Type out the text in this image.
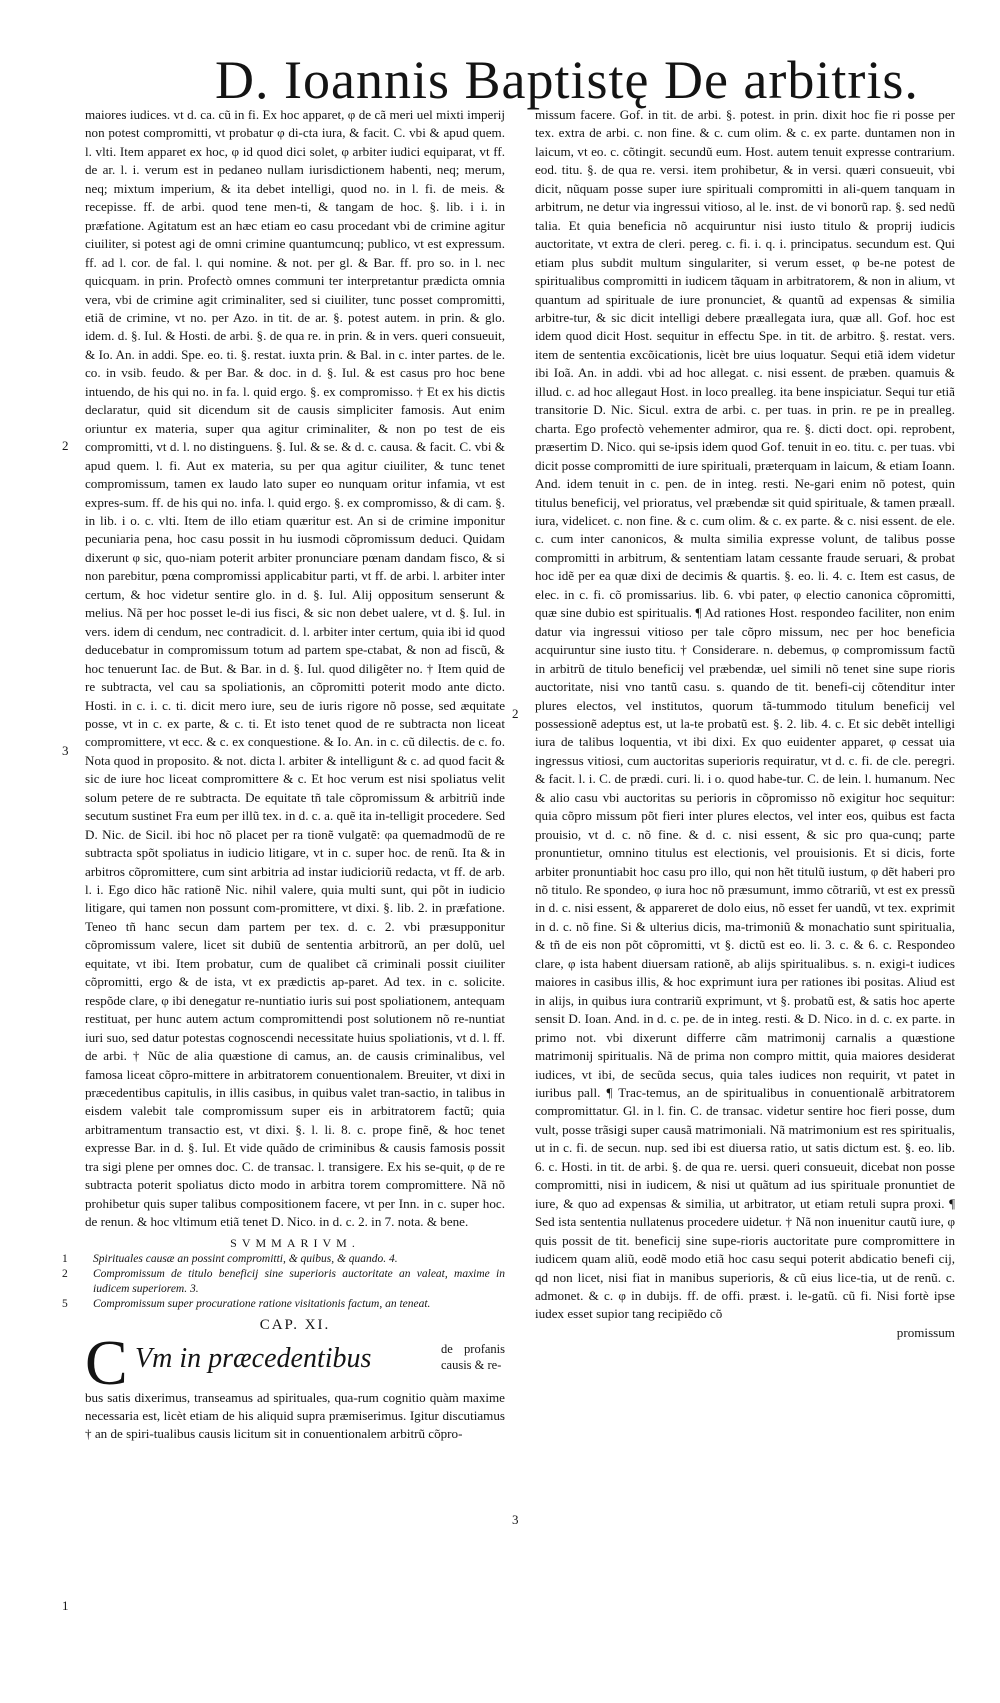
D. Ioannis Baptistę De arbitris.

maiores iudices. vt d. ca. cũ in fi. Ex hoc apparet, φ de cã meri uel mixti imperij non potest compromitti, vt probatur φ di-cta iura, & facit. C. vbi & apud quem. l. vlti. Item apparet ex hoc, φ id quod dici solet, φ arbiter iudici equiparat, vt ff. de ar. l. i. verum est in pedaneo nullam iurisdictionem habenti, neq; merum, neq; mixtum imperium, & ita debet intelligi, quod no. in l. fi. de meis. & recepisse. ff. de arbi. quod tene men-ti, & tangam de hoc. §. lib. i i. in præfatione. Agitatum est an hæc etiam eo casu procedant vbi de crimine agitur ciuiliter, si potest agi de omni crimine quantumcunq; publico, vt est expressum. ff. ad l. cor. de fal. l. qui nomine. & not. per gl. & Bar. ff. pro so. in l. nec quicquam. in prin. Profectò omnes communi ter interpretantur prædicta omnia vera, vbi de crimine agit criminaliter, sed si ciuiliter, tunc posset compromitti, etiã de crimine, vt no. per Azo. in tit. de ar. §. potest autem. in prin. & glo. idem. d. §. Iul. & Hosti. de arbi. §. de qua re. in prin. & in vers. queri consueuit, & Io. An. in addi. Spe. eo. ti. §. restat. iuxta prin. & Bal. in c. inter partes. de le. co. in vsib. feudo. & per Bar. & doc. in d. §. Iul. & est casus pro hoc bene intuendo, de his qui no. in fa. l. quid ergo. §. ex compromisso. † Et ex his dictis declaratur, quid sit dicendum sit de causis simpliciter famosis. Aut enim oriuntur ex materia, super qua agitur criminaliter, & non po test de eis compromitti, vt d. l. no distinguens. §. Iul. & se. & d. c. causa. & facit. C. vbi & apud quem. l. fi. Aut ex materia, su per qua agitur ciuiliter, & tunc tenet compromissum, tamen ex laudo lato super eo nunquam oritur infamia, vt est expres-sum. ff. de his qui no. infa. l. quid ergo. §. ex compromisso, & di cam. §. in lib. i o. c. vlti. Item de illo etiam quæritur est. An si de crimine imponitur pecuniaria pena, hoc casu possit in hu iusmodi cõpromissum deduci. Quidam dixerunt φ sic, quo-niam poterit arbiter pronunciare pœnam dandam fisco, & si non parebitur, pœna compromissi applicabitur parti, vt ff. de arbi. l. arbiter inter certum, & hoc videtur sentire glo. in d. §. Iul. Alij oppositum senserunt & melius. Nã per hoc posset le-di ius fisci, & sic non debet ualere, vt d. §. Iul. in vers. idem di cendum, nec contradicit. d. l. arbiter inter certum, quia ibi id quod deducebatur in compromissum totum ad partem spe-ctabat, & non ad fiscũ, & hoc tenuerunt Iac. de But. & Bar. in d. §. Iul. quod diligẽter no. † Item quid de re subtracta, vel cau sa spoliationis, an cõpromitti poterit modo ante dicto. Hosti. in c. i. c. ti. dicit mero iure, seu de iuris rigore nõ posse, sed æquitate posse, vt in c. ex parte, & c. ti. Et isto tenet quod de re subtracta non liceat compromittere, vt ecc. & c. ex conquestione. & Io. An. in c. cũ dilectis. de c. fo. Nota quod in proposito. & not. dicta l. arbiter & intelligunt & c. ad quod facit & sic de iure hoc liceat compromittere & c. Et hoc verum est nisi spoliatus velit solum petere de re subtracta. De equitate tñ tale cõpromissum & arbitriũ inde secutum sustinet Fra eum per illũ tex. in d. c. a. quẽ ita in-telligit procedere. Sed D. Nic. de Sicil. ibi hoc nõ placet per ra tionẽ vulgatẽ: φa quemadmodũ de re subtracta spõt spoliatus in iudicio litigare, vt in c. super hoc. de renũ. Ita & in arbitros cõpromittere, cum sint arbitria ad instar iudicioriũ redacta, vt ff. de arb. l. i. Ego dico hãc rationẽ Nic. nihil valere, quia multi sunt, qui põt in iudicio litigare, qui tamen non possunt com-promittere, vt dixi. §. lib. 2. in præfatione. Teneo tñ hanc secun dam partem per tex. d. c. 2. vbi præsupponitur cõpromissum valere, licet sit dubiũ de sententia arbitrorũ, an per dolũ, uel equitate, vt ibi. Item probatur, cum de qualibet cã criminali possit ciuiliter cõpromitti, ergo & de ista, vt ex prædictis ap-paret. Ad tex. in c. solicite. respõde clare, φ ibi denegatur re-nuntiatio iuris sui post spoliationem, antequam restituat, per hunc autem actum compromittendi post solutionem nõ re-nuntiat iuri suo, sed datur potestas cognoscendi necessitate huius spoliationis, vt d. l. ff. de arbi. † Nũc de alia quæstione di camus, an. de causis criminalibus, vel famosa liceat cõpro-mittere in arbitratorem conuentionalem. Breuiter, vt dixi in præcedentibus capitulis, in illis casibus, in quibus valet tran-sactio, in talibus in eisdem valebit tale compromissum super eis in arbitratorem factũ; quia arbitramentum transactio est, vt dixi. §. l. li. 8. c. prope finẽ, & hoc tenet expresse Bar. in d. §. Iul. Et vide quãdo de criminibus & causis famosis possit tra sigi plene per omnes doc. C. de transac. l. transigere. Ex his se-quit, φ de re subtracta poterit spoliatus dicto modo in arbitra torem compromittere. Nã nõ prohibetur quis super talibus compositionem facere, vt per Inn. in c. super hoc. de renun. & hoc vltimum etiã tenet D. Nico. in d. c. 2. in 7. nota. & bene.

SVMMARIVM.
1 Spirituales causæ an possint compromitti, & quibus, & quando. 4.
2 Compromissum de titulo beneficij sine superioris auctoritate an valeat, maxime in iudicem superiorem. 3.
5 Compromissum super procuratione ratione visitationis factum, an teneat.
CAP. XI.
C Vm in præcedentibus	de profanis causis & re-

bus satis dixerimus, transeamus ad spirituales, qua-rum cognitio quàm maxime necessaria est, licèt etiam de his aliquid supra præmiserimus. Igitur discutiamus † an de spiri-tualibus causis licitum sit in conuentionalem arbitrũ cõpro-

2
3
1

missum facere. Gof. in tit. de arbi. §. potest. in prin. dixit hoc fie ri posse per tex. extra de arbi. c. non fine. & c. cum olim. & c. ex parte. duntamen non in laicum, vt eo. c. cõtingit. secundũ eum. Host. autem tenuit expresse contrarium. eod. titu. §. de qua re. versi. item prohibetur, & in versi. quæri consueuit, vbi dicit, nũquam posse super iure spirituali compromitti in ali-quem tanquam in arbitrum, ne detur via ingressui vitioso, al le. inst. de vi bonorũ rap. §. sed nedũ talia. Et quia beneficia nõ acquiruntur nisi iusto titulo & proprij iudicis auctoritate, vt extra de cleri. pereg. c. fi. i. q. i. principatus. secundum est. Qui etiam plus subdit multum singulariter, si verum esset, φ be-ne potest de spiritualibus compromitti in iudicem tãquam in arbitratorem, & non in alium, vt quantum ad spirituale de iure pronunciet, & quantũ ad expensas & similia arbitre-tur, & sic dicit intelligi debere præallegata iura, quæ all. Gof. hoc est idem quod dicit Host. sequitur in effectu Spe. in tit. de arbitro. §. restat. vers. item de sententia excõicationis, licèt bre uius loquatur. Sequi etiã idem videtur ibi Ioã. An. in addi. vbi ad hoc allegat. c. nisi essent. de præben. quamuis & illud. c. ad hoc allegaut Host. in loco prealleg. ita bene inspiciatur. Sequi tur etiã transitorie D. Nic. Sicul. extra de arbi. c. per tuas. in prin. re pe in prealleg. charta. Ego profectò vehementer admiror, qua re. §. dicti doct. opi. reprobent, præsertim D. Nico. qui se-ipsis idem quod Gof. tenuit in eo. titu. c. per tuas. vbi dicit posse compromitti de iure spirituali, præterquam in laicum, & etiam Ioann. And. idem tenuit in c. pen. de in integ. resti. Ne-gari enim nõ potest, quin titulus beneficij, vel prioratus, vel præbendæ sit quid spirituale, & tamen præall. iura, videlicet. c. non fine. & c. cum olim. & c. ex parte. & c. nisi essent. de ele. c. cum inter canonicos, & multa similia expresse volunt, de talibus posse compromitti in arbitrum, & sententiam latam cessante fraude seruari, & probat hoc idẽ per ea quæ dixi de decimis & quartis. §. eo. li. 4. c. Item est casus, de elec. in c. fi. cõ promissarius. lib. 6. vbi pater, φ electio canonica cõpromitti, quæ sine dubio est spiritualis. ¶ Ad rationes Host. respondeo faciliter, non enim datur via ingressui vitioso per tale cõpro missum, nec per hoc beneficia acquiruntur sine iusto titu. † Considerare. n. debemus, φ compromissum factũ in arbitrũ de titulo beneficij vel præbendæ, uel simili nõ tenet sine supe rioris auctoritate, nisi vno tantũ casu. s. quando de tit. benefi-cij cõtenditur inter plures electos, vel institutos, quorum tã-tummodo titulum beneficij vel possessionẽ adeptus est, ut la-te probatũ est. §. 2. lib. 4. c. Et sic debẽt intelligi iura de talibus loquentia, vt ibi dixi. Ex quo euidenter apparet, φ cessat uia ingressus vitiosi, cum auctoritas superioris requiratur, vt d. c. fi. de cle. peregri. & facit. l. i. C. de prædi. curi. li. i o. quod habe-tur. C. de lein. l. humanum. Nec & alio casu vbi auctoritas su perioris in cõpromisso nõ exigitur hoc sequitur: quia cõpro missum põt fieri inter plures electos, vel inter eos, quibus est facta prouisio, vt d. c. nõ fine. & d. c. nisi essent, & sic pro qua-cunq; parte pronuntietur, omnino titulus est electionis, vel prouisionis. Et si dicis, forte arbiter pronuntiabit hoc casu pro illo, qui non hẽt titulũ iustum, φ dẽt haberi pro nõ titulo. Re spondeo, φ iura hoc nõ præsumunt, immo cõtrariũ, vt est ex pressũ in d. c. nisi essent, & appareret de dolo eius, nõ esset fer uandũ, vt tex. exprimit in d. c. nõ fine. Si & ulterius dicis, ma-trimoniũ & monachatio sunt spiritualia, & tñ de eis non põt cõpromitti, vt §. dictũ est eo. li. 3. c. & 6. c. Respondeo clare, φ ista habent diuersam rationẽ, ab alijs spiritualibus. s. n. exigi-t iudices maiores in casibus illis, & hoc exprimunt iura per rationes ibi positas. Aliud est in alijs, in quibus iura contrariũ exprimunt, vt §. probatũ est, & satis hoc aperte sensit D. Ioan. And. in d. c. pe. de in integ. resti. & D. Nico. in d. c. ex parte. in primo not. vbi dixerunt differre cãm matrimonij carnalis a quæstione matrimonij spiritualis. Nã de prima non compro mittit, quia maiores desiderat iudices, vt ibi, de secũda secus, quia tales iudices non requirit, vt patet in iuribus pall. ¶ Trac-temus, an de spiritualibus in conuentionalẽ arbitratorem compromittatur. Gl. in l. fin. C. de transac. videtur sentire hoc fieri posse, dum vult, posse trãsigi super causã matrimoniali. Nã matrimonium est res spiritualis, ut in c. fi. de secun. nup. sed ibi est diuersa ratio, ut satis dictum est. §. eo. lib. 6. c. Hosti. in tit. de arbi. §. de qua re. uersi. queri consueuit, dicebat non posse compromitti, nisi in iudicem, & nisi ut quãtum ad ius spirituale pronuntiet de iure, & quo ad expensas & similia, ut arbitrator, ut etiam retuli supra proxi. ¶ Sed ista sententia nullatenus procedere uidetur. † Nã non inuenitur cautũ iure, φ quis possit de tit. beneficij sine supe-rioris auctoritate pure compromittere in iudicem quam aliũ, eodẽ modo etiã hoc casu sequi poterit abdicatio benefi cij, qd non licet, nisi fiat in manibus superioris, & cũ eius lice-tia, ut de renũ. c. admonet. & c. φ in dubijs. ff. de offi. præst. i. le-gatũ. cũ fi. Nisi fortè ipse iudex esset supior tang recipiẽdo cõ

promissum
2
3
